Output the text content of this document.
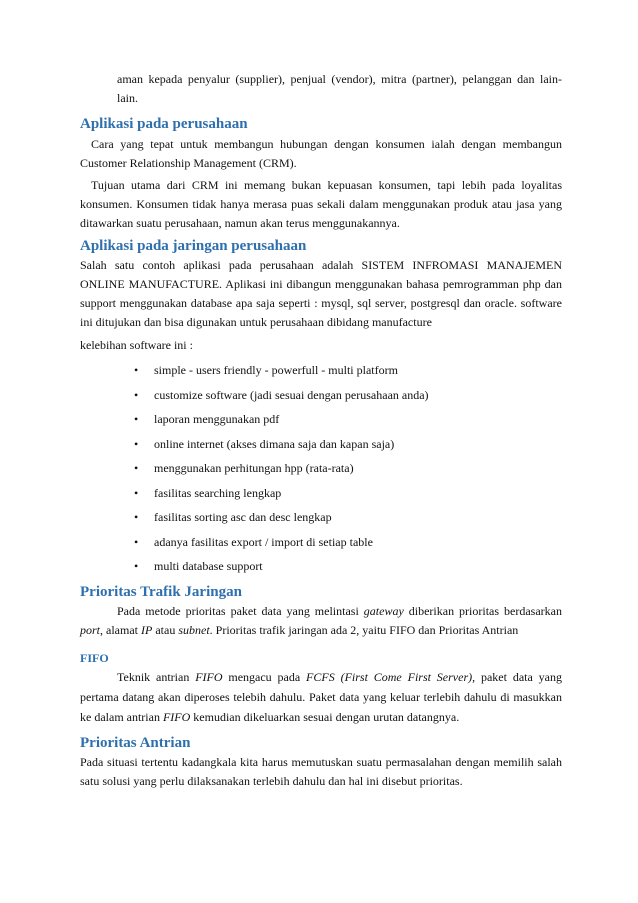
aman kepada penyalur (supplier), penjual (vendor), mitra (partner), pelanggan dan lain-

lain.

Aplikasi pada perusahaan

Cara yang tepat untuk membangun hubungan dengan konsumen ialah dengan membangun Customer Relationship Management (CRM).

Tujuan utama dari CRM ini memang bukan kepuasan konsumen, tapi lebih pada loyalitas konsumen. Konsumen tidak hanya merasa puas sekali dalam menggunakan produk atau jasa yang ditawarkan suatu perusahaan, namun akan terus menggunakannya.

Aplikasi pada jaringan perusahaan

Salah satu contoh aplikasi pada perusahaan adalah SISTEM INFROMASI MANAJEMEN ONLINE MANUFACTURE. Aplikasi ini dibangun menggunakan bahasa pemrogramman php dan support menggunakan database apa saja seperti : mysql, sql server, postgresql dan oracle. software ini ditujukan dan bisa digunakan untuk perusahaan dibidang manufacture

kelebihan software ini :

• simple - users friendly - powerfull - multi platform
• customize software (jadi sesuai dengan perusahaan anda)
• laporan menggunakan pdf
• online internet (akses dimana saja dan kapan saja)
• menggunakan perhitungan hpp (rata-rata)
• fasilitas searching lengkap
• fasilitas sorting asc dan desc lengkap
• adanya fasilitas export / import di setiap table
• multi database support
Prioritas Trafik Jaringan

Pada metode prioritas paket data yang melintasi gateway diberikan prioritas berdasarkan port, alamat IP atau subnet. Prioritas trafik jaringan ada 2, yaitu FIFO dan Prioritas Antrian

FIFO

Teknik antrian FIFO mengacu pada FCFS (First Come First Server), paket data yang pertama datang akan diperoses telebih dahulu. Paket data yang keluar terlebih dahulu di masukkan ke dalam antrian FIFO kemudian dikeluarkan sesuai dengan urutan datangnya.

Prioritas Antrian

Pada situasi tertentu kadangkala kita harus memutuskan suatu permasalahan dengan memilih salah satu solusi yang perlu dilaksanakan terlebih dahulu dan hal ini disebut prioritas.
